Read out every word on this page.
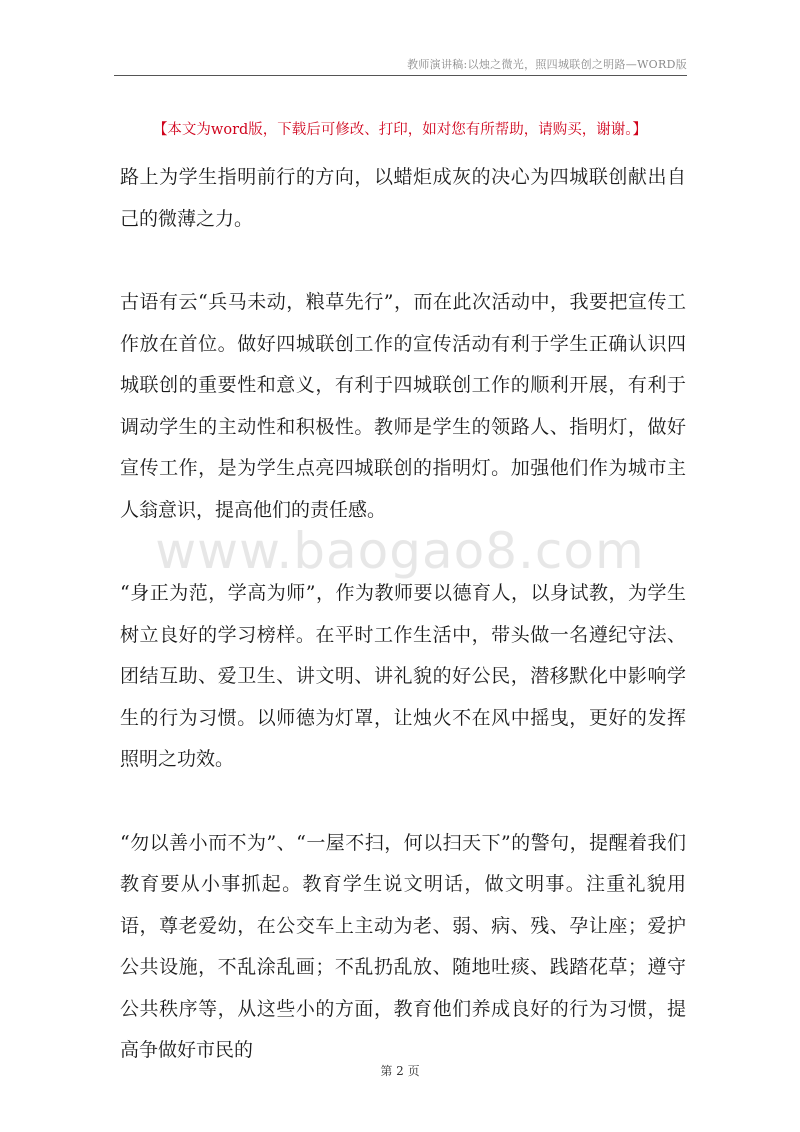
教师演讲稿:以烛之微光，照四城联创之明路—WORD版
【本文为word版，下载后可修改、打印，如对您有所帮助，请购买，谢谢。】

路上为学生指明前行的方向，以蜡炬成灰的决心为四城联创献出自己的微薄之力。

古语有云“兵马未动，粮草先行”，而在此次活动中，我要把宣传工作放在首位。做好四城联创工作的宣传活动有利于学生正确认识四城联创的重要性和意义，有利于四城联创工作的顺利开展，有利于调动学生的主动性和积极性。教师是学生的领路人、指明灯，做好宣传工作，是为学生点亮四城联创的指明灯。加强他们作为城市主人翁意识，提高他们的责任感。

“身正为范，学高为师”，作为教师要以德育人，以身试教，为学生树立良好的学习榜样。在平时工作生活中，带头做一名遵纪守法、团结互助、爱卫生、讲文明、讲礼貌的好公民，潜移默化中影响学生的行为习惯。以师德为灯罩，让烛火不在风中摇曳，更好的发挥照明之功效。

“勿以善小而不为”、“一屋不扫，何以扫天下”的警句，提醒着我们教育要从小事抓起。教育学生说文明话，做文明事。注重礼貌用语，尊老爱幼，在公交车上主动为老、弱、病、残、孕让座；爱护公共设施，不乱涂乱画；不乱扔乱放、随地吐痰、践踏花草；遵守公共秩序等，从这些小的方面，教育他们养成良好的行为习惯，提高争做好市民的

www.baogao8.com
第 2 页
